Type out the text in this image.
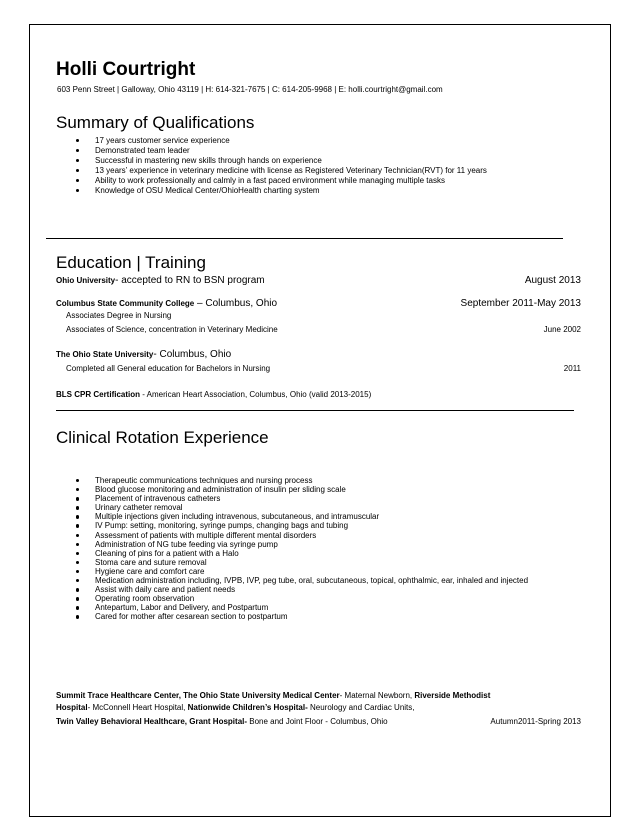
Holli Courtright
603 Penn Street | Galloway, Ohio 43119 | H: 614-321-7675 | C: 614-205-9968 | E: holli.courtright@gmail.com
Summary of Qualifications
17 years customer service experience
Demonstrated team leader
Successful in mastering new skills through hands on experience
13 years’ experience in veterinary medicine with license as Registered Veterinary Technician(RVT) for 11 years
Ability to work professionally and calmly in a fast paced environment while managing multiple tasks
Knowledge of OSU Medical Center/OhioHealth charting system
Education | Training
Ohio University- accepted to RN to BSN program	August 2013
Columbus State Community College – Columbus, Ohio	September 2011-May 2013
Associates Degree in Nursing
Associates of Science, concentration in Veterinary Medicine	June 2002
The Ohio State University- Columbus, Ohio
Completed all General education for Bachelors in Nursing	2011
BLS CPR Certification - American Heart Association, Columbus, Ohio (valid 2013-2015)
Clinical Rotation Experience
Therapeutic communications techniques and nursing process
Blood glucose monitoring and administration of insulin per sliding scale
Placement of intravenous catheters
Urinary catheter removal
Multiple injections given including intravenous, subcutaneous, and intramuscular
IV Pump: setting, monitoring, syringe pumps, changing bags and tubing
Assessment of patients with multiple different mental disorders
Administration of NG tube feeding via syringe pump
Cleaning of pins for a patient with a Halo
Stoma care and suture removal
Hygiene care and comfort care
Medication administration including, IVPB, IVP, peg tube, oral, subcutaneous, topical, ophthalmic, ear, inhaled and injected
Assist with daily care and patient needs
Operating room observation
Antepartum, Labor and Delivery, and Postpartum
Cared for mother after cesarean section to postpartum
Summit Trace Healthcare Center, The Ohio State University Medical Center- Maternal Newborn, Riverside Methodist
Hospital- McConnell Heart Hospital, Nationwide Children’s Hospital- Neurology and Cardiac Units,
Twin Valley Behavioral Healthcare, Grant Hospital- Bone and Joint Floor - Columbus, Ohio	Autumn2011-Spring 2013
